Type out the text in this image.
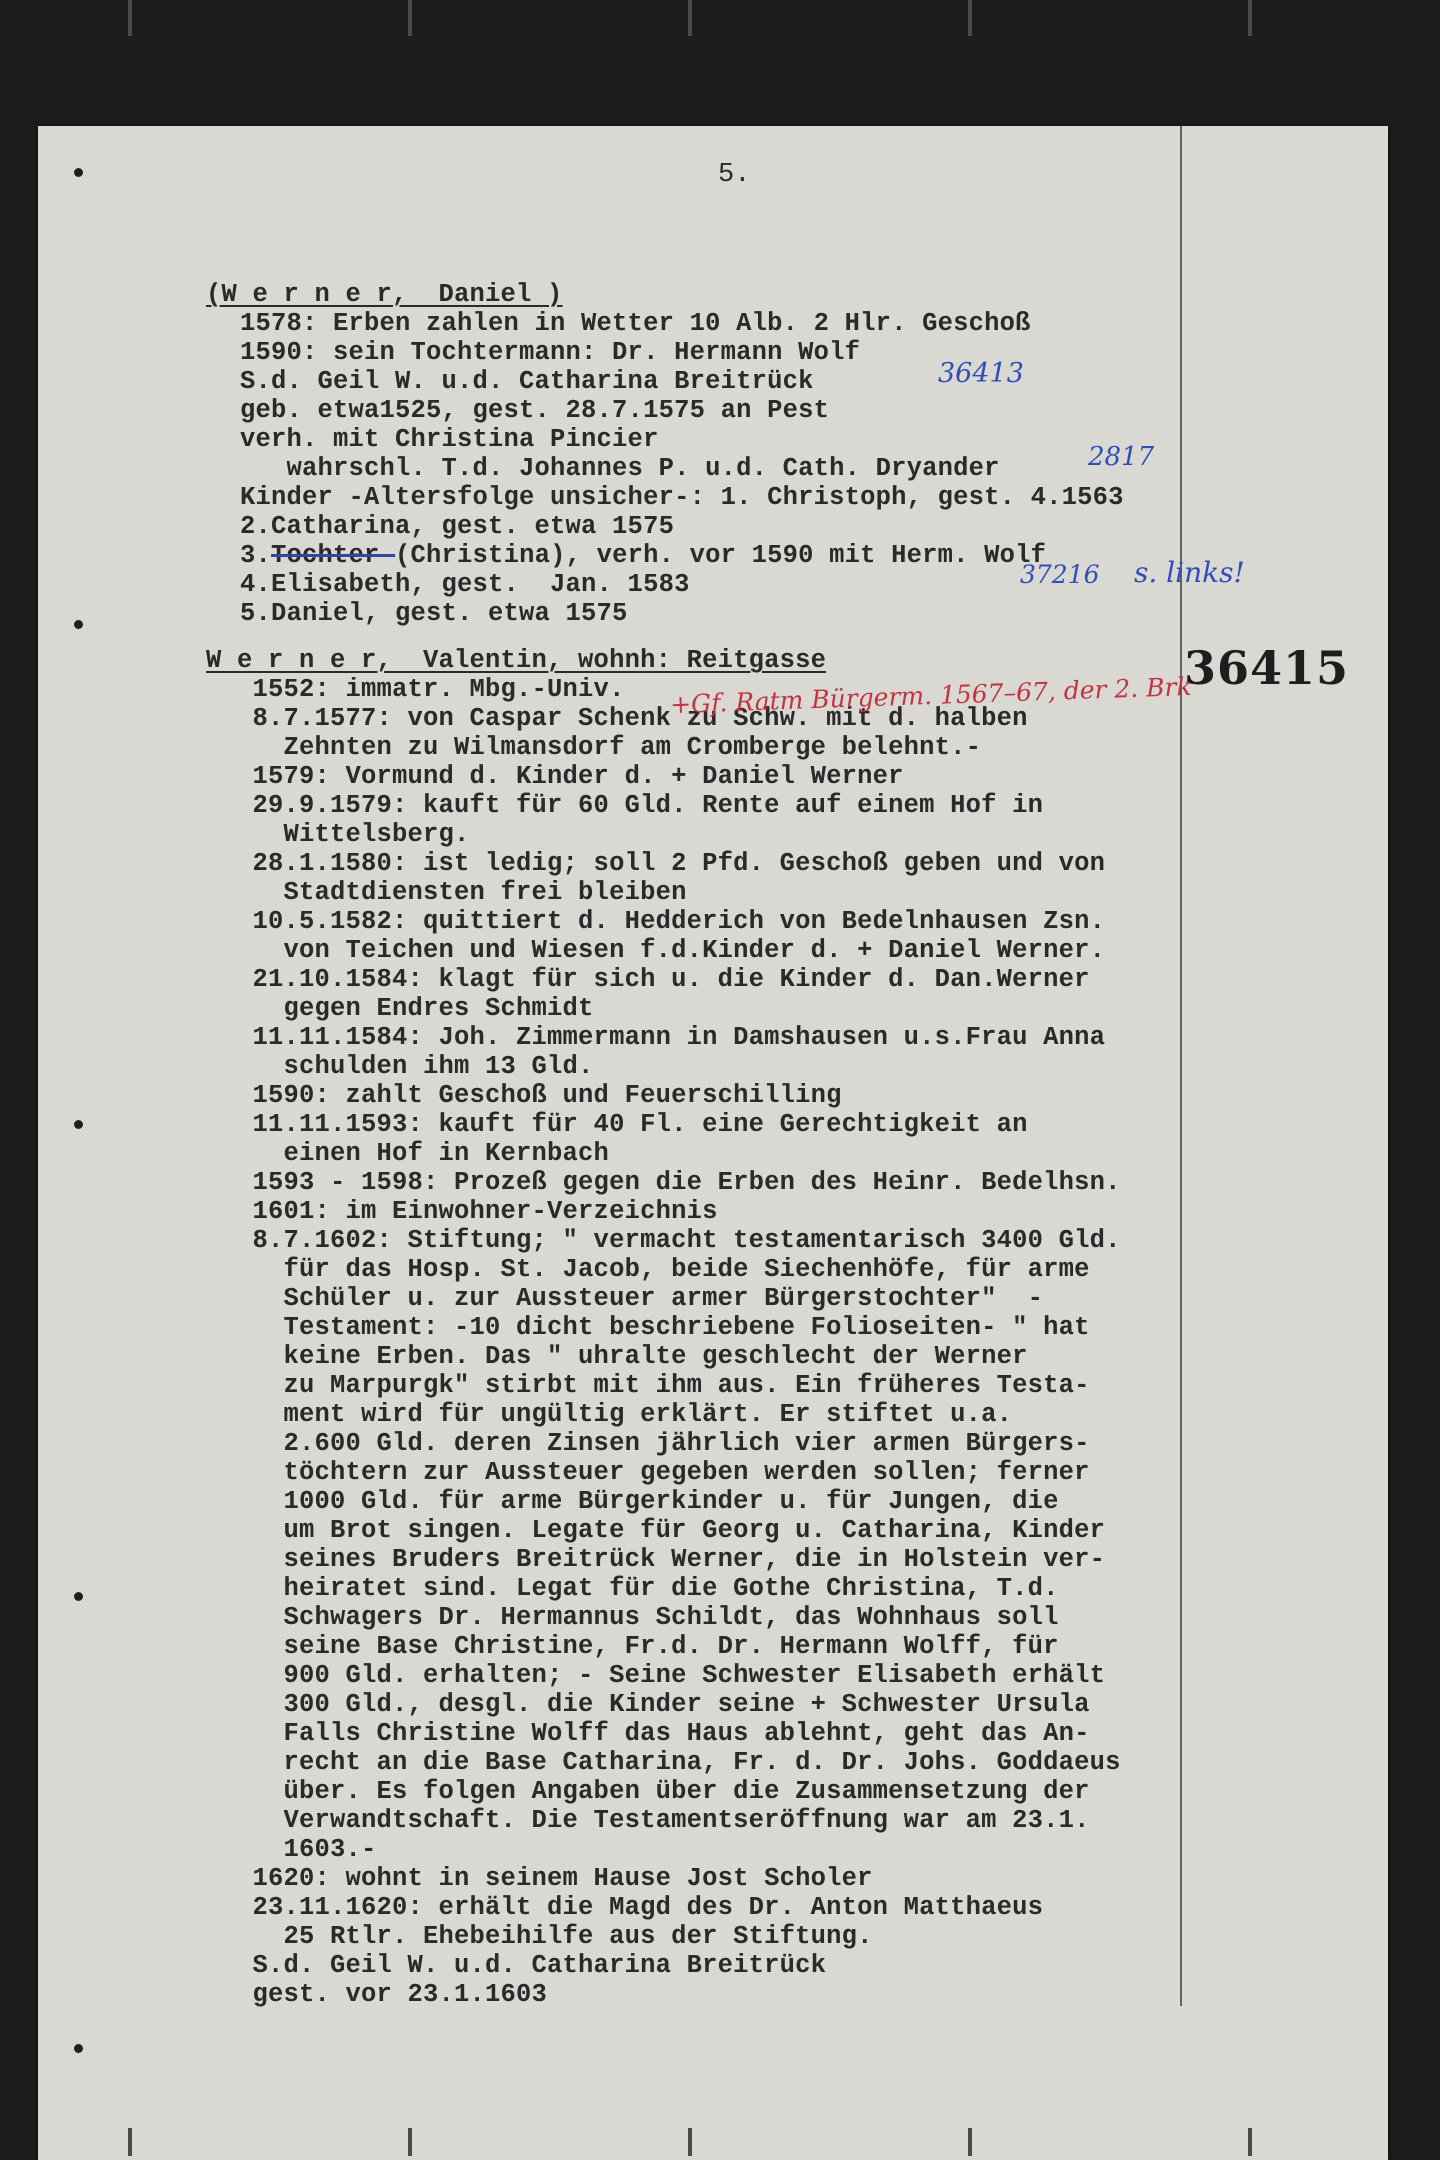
5.
(W e r n e r,  Daniel )
1578: Erben zahlen in Wetter 10 Alb. 2 Hlr. Geschoß
1590: sein Tochtermann: Dr. Hermann Wolf
S.d. Geil W. u.d. Catharina Breitrück
geb. etwa1525, gest. 28.7.1575 an Pest
verh. mit Christina Pincier
wahrschl. T.d. Johannes P. u.d. Cath. Dryander
Kinder -Altersfolge unsicher-: 1. Christoph, gest. 4.1563
2.Catharina, gest. etwa 1575
3.Tochter (Christina), verh. vor 1590 mit Herm. Wolf
4.Elisabeth, gest.  Jan. 1583
5.Daniel, gest. etwa 1575
W e r n e r,  Valentin, wohnh: Reitgasse
1552: immatr. Mbg.-Univ.
8.7.1577: von Caspar Schenk zu Schw. mit d. halben
Zehnten zu Wilmansdorf am Cromberge belehnt.-
1579: Vormund d. Kinder d. + Daniel Werner
29.9.1579: kauft für 60 Gld. Rente auf einem Hof in
Wittelsberg.
28.1.1580: ist ledig; soll 2 Pfd. Geschoß geben und von
Stadtdiensten frei bleiben
10.5.1582: quittiert d. Hedderich von Bedelnhausen Zsn.
von Teichen und Wiesen f.d.Kinder d. + Daniel Werner.
21.10.1584: klagt für sich u. die Kinder d. Dan.Werner
gegen Endres Schmidt
11.11.1584: Joh. Zimmermann in Damshausen u.s.Frau Anna
schulden ihm 13 Gld.
1590: zahlt Geschoß und Feuerschilling
11.11.1593: kauft für 40 Fl. eine Gerechtigkeit an
einen Hof in Kernbach
1593 - 1598: Prozeß gegen die Erben des Heinr. Bedelhsn.
1601: im Einwohner-Verzeichnis
8.7.1602: Stiftung; " vermacht testamentarisch 3400 Gld.
für das Hosp. St. Jacob, beide Siechenhöfe, für arme
Schüler u. zur Aussteuer armer Bürgerstochter"  -
Testament: -10 dicht beschriebene Folioseiten- " hat
keine Erben. Das " uhralte geschlecht der Werner
zu Marpurgk" stirbt mit ihm aus. Ein früheres Testa-
ment wird für ungültig erklärt. Er stiftet u.a.
2.600 Gld. deren Zinsen jährlich vier armen Bürgers-
töchtern zur Aussteuer gegeben werden sollen; ferner
1000 Gld. für arme Bürgerkinder u. für Jungen, die
um Brot singen. Legate für Georg u. Catharina, Kinder
seines Bruders Breitrück Werner, die in Holstein ver-
heiratet sind. Legat für die Gothe Christina, T.d.
Schwagers Dr. Hermannus Schildt, das Wohnhaus soll
seine Base Christine, Fr.d. Dr. Hermann Wolff, für
900 Gld. erhalten; - Seine Schwester Elisabeth erhält
300 Gld., desgl. die Kinder seine + Schwester Ursula
Falls Christine Wolff das Haus ablehnt, geht das An-
recht an die Base Catharina, Fr. d. Dr. Johs. Goddaeus
über. Es folgen Angaben über die Zusammensetzung der
Verwandtschaft. Die Testamentseröffnung war am 23.1.
1603.-
1620: wohnt in seinem Hause Jost Scholer
23.11.1620: erhält die Magd des Dr. Anton Matthaeus
25 Rtlr. Ehebeihilfe aus der Stiftung.
S.d. Geil W. u.d. Catharina Breitrück
gest. vor 23.1.1603
36415
36413
2817
37216 s. links!
+Gf. Ratm Bürgerm. 1567–67, der 2. Brk
